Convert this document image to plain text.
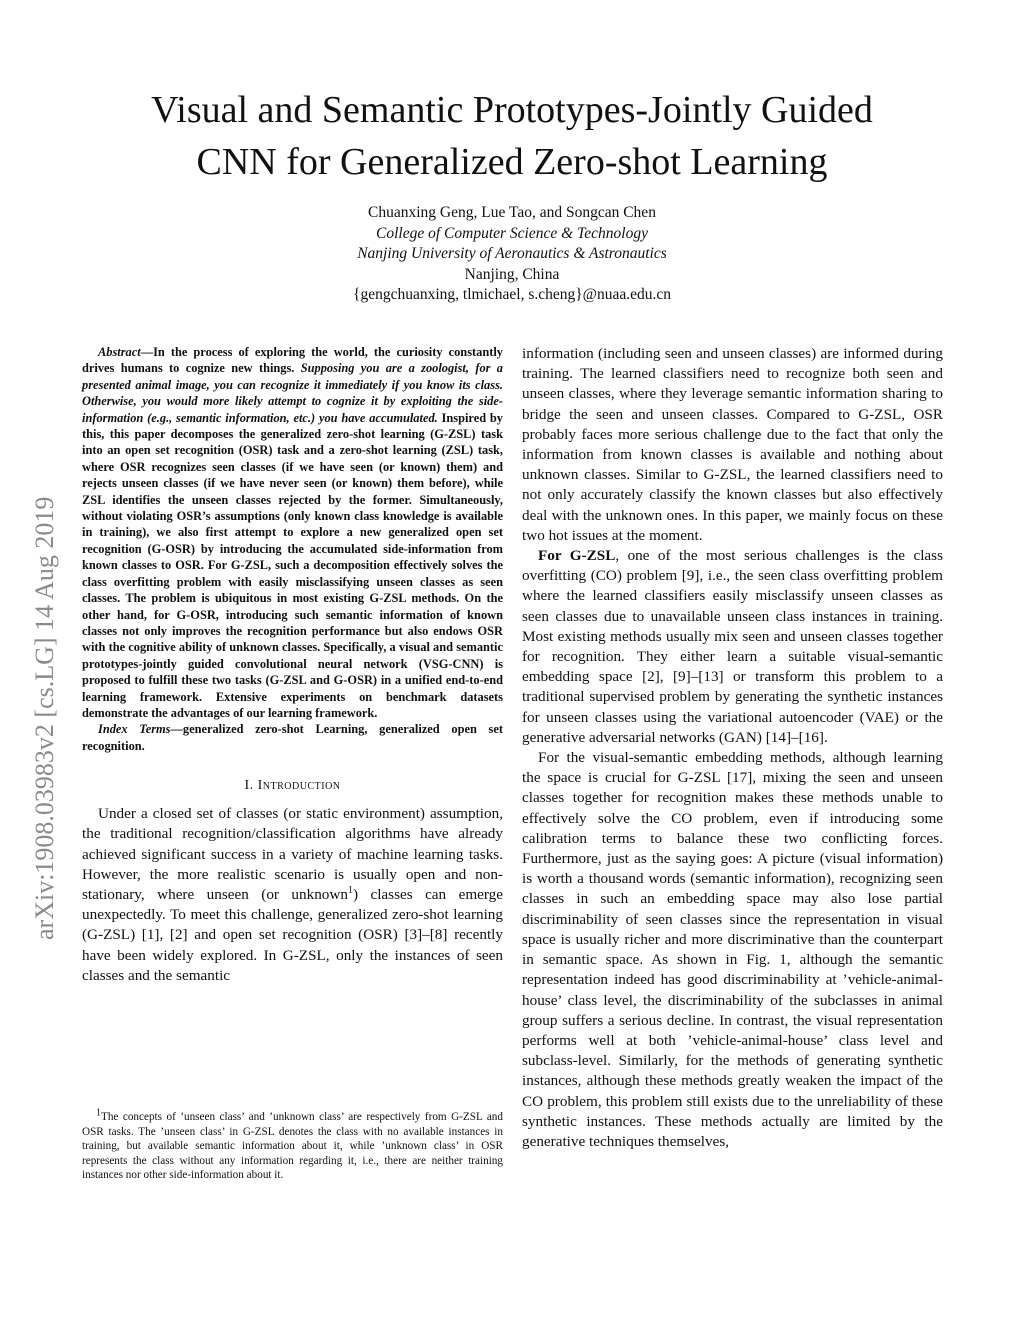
Visual and Semantic Prototypes-Jointly Guided
CNN for Generalized Zero-shot Learning
Chuanxing Geng, Lue Tao, and Songcan Chen
College of Computer Science & Technology
Nanjing University of Aeronautics & Astronautics
Nanjing, China
{gengchuanxing, tlmichael, s.cheng}@nuaa.edu.cn
arXiv:1908.03983v2 [cs.LG] 14 Aug 2019

Abstract—In the process of exploring the world, the curiosity constantly drives humans to cognize new things. Supposing you are a zoologist, for a presented animal image, you can recognize it immediately if you know its class. Otherwise, you would more likely attempt to cognize it by exploiting the side-information (e.g., semantic information, etc.) you have accumulated. Inspired by this, this paper decomposes the generalized zero-shot learning (G-ZSL) task into an open set recognition (OSR) task and a zero-shot learning (ZSL) task, where OSR recognizes seen classes (if we have seen (or known) them) and rejects unseen classes (if we have never seen (or known) them before), while ZSL identifies the unseen classes rejected by the former. Simultaneously, without violating OSR’s assumptions (only known class knowledge is available in training), we also first attempt to explore a new generalized open set recognition (G-OSR) by introducing the accumulated side-information from known classes to OSR. For G-ZSL, such a decomposition effectively solves the class overfitting problem with easily misclassifying unseen classes as seen classes. The problem is ubiquitous in most existing G-ZSL methods. On the other hand, for G-OSR, introducing such semantic information of known classes not only improves the recognition performance but also endows OSR with the cognitive ability of unknown classes. Specifically, a visual and semantic prototypes-jointly guided convolutional neural network (VSG-CNN) is proposed to fulfill these two tasks (G-ZSL and G-OSR) in a unified end-to-end learning framework. Extensive experiments on benchmark datasets demonstrate the advantages of our learning framework.

Index Terms—generalized zero-shot Learning, generalized open set recognition.

I. Introduction

Under a closed set of classes (or static environment) assumption, the traditional recognition/classification algorithms have already achieved significant success in a variety of machine learning tasks. However, the more realistic scenario is usually open and non-stationary, where unseen (or unknown$^1$) classes can emerge unexpectedly. To meet this challenge, generalized zero-shot learning (G-ZSL) [1], [2] and open set recognition (OSR) [3]–[8] recently have been widely explored. In G-ZSL, only the instances of seen classes and the semantic

$^1$The concepts of ’unseen class’ and ’unknown class’ are respectively from G-ZSL and OSR tasks. The ’unseen class’ in G-ZSL denotes the class with no available instances in training, but available semantic information about it, while ’unknown class’ in OSR represents the class without any information regarding it, i.e., there are neither training instances nor other side-information about it.

information (including seen and unseen classes) are informed during training. The learned classifiers need to recognize both seen and unseen classes, where they leverage semantic information sharing to bridge the seen and unseen classes. Compared to G-ZSL, OSR probably faces more serious challenge due to the fact that only the information from known classes is available and nothing about unknown classes. Similar to G-ZSL, the learned classifiers need to not only accurately classify the known classes but also effectively deal with the unknown ones. In this paper, we mainly focus on these two hot issues at the moment.

For G-ZSL, one of the most serious challenges is the class overfitting (CO) problem [9], i.e., the seen class overfitting problem where the learned classifiers easily misclassify unseen classes as seen classes due to unavailable unseen class instances in training. Most existing methods usually mix seen and unseen classes together for recognition. They either learn a suitable visual-semantic embedding space [2], [9]–[13] or transform this problem to a traditional supervised problem by generating the synthetic instances for unseen classes using the variational autoencoder (VAE) or the generative adversarial networks (GAN) [14]–[16].

For the visual-semantic embedding methods, although learning the space is crucial for G-ZSL [17], mixing the seen and unseen classes together for recognition makes these methods unable to effectively solve the CO problem, even if introducing some calibration terms to balance these two conflicting forces. Furthermore, just as the saying goes: A picture (visual information) is worth a thousand words (semantic information), recognizing seen classes in such an embedding space may also lose partial discriminability of seen classes since the representation in visual space is usually richer and more discriminative than the counterpart in semantic space. As shown in Fig. 1, although the semantic representation indeed has good discriminability at ’vehicle-animal-house’ class level, the discriminability of the subclasses in animal group suffers a serious decline. In contrast, the visual representation performs well at both ’vehicle-animal-house’ class level and subclass-level. Similarly, for the methods of generating synthetic instances, although these methods greatly weaken the impact of the CO problem, this problem still exists due to the unreliability of these synthetic instances. These methods actually are limited by the generative techniques themselves,
